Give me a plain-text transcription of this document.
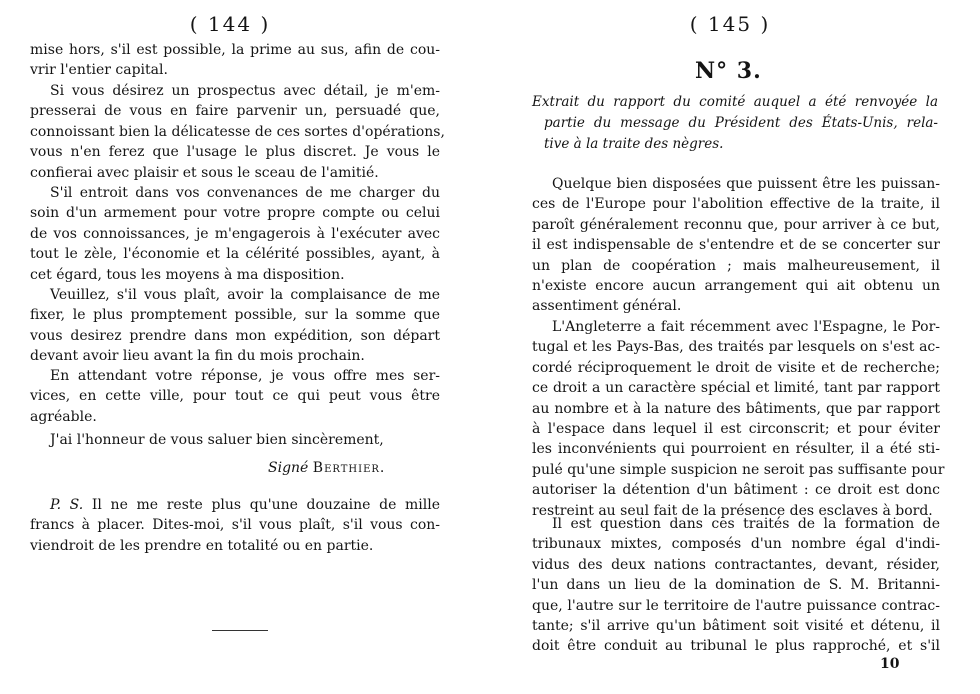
( 144 )

mise hors, s'il est possible, la prime au sus, afin de cou-
vrir l'entier capital.

Si vous désirez un prospectus avec détail, je m'em-
presserai de vous en faire parvenir un, persuadé que,
connoissant bien la délicatesse de ces sortes d'opérations,
vous n'en ferez que l'usage le plus discret. Je vous le
confierai avec plaisir et sous le sceau de l'amitié.

S'il entroit dans vos convenances de me charger du
soin d'un armement pour votre propre compte ou celui
de vos connoissances, je m'engagerois à l'exécuter avec
tout le zèle, l'économie et la célérité possibles, ayant, à
cet égard, tous les moyens à ma disposition.

Veuillez, s'il vous plaît, avoir la complaisance de me
fixer, le plus promptement possible, sur la somme que
vous desirez prendre dans mon expédition, son départ
devant avoir lieu avant la fin du mois prochain.

En attendant votre réponse, je vous offre mes ser-
vices, en cette ville, pour tout ce qui peut vous être
agréable.

J'ai l'honneur de vous saluer bien sincèrement,

Signé Berthier.

P. S. Il ne me reste plus qu'une douzaine de mille
francs à placer. Dites-moi, s'il vous plaît, s'il vous con-
viendroit de les prendre en totalité ou en partie.

( 145 )
N° 3.
Extrait du rapport du comité auquel a été renvoyée la
partie du message du Président des États-Unis, rela-
tive à la traite des nègres.

Quelque bien disposées que puissent être les puissan-
ces de l'Europe pour l'abolition effective de la traite, il
paroît généralement reconnu que, pour arriver à ce but,
il est indispensable de s'entendre et de se concerter sur
un plan de coopération ; mais malheureusement, il
n'existe encore aucun arrangement qui ait obtenu un
assentiment général.

L'Angleterre a fait récemment avec l'Espagne, le Por-
tugal et les Pays-Bas, des traités par lesquels on s'est ac-
cordé réciproquement le droit de visite et de recherche;
ce droit a un caractère spécial et limité, tant par rapport
au nombre et à la nature des bâtiments, que par rapport
à l'espace dans lequel il est circonscrit; et pour éviter
les inconvénients qui pourroient en résulter, il a été sti-
pulé qu'une simple suspicion ne seroit pas suffisante pour
autoriser la détention d'un bâtiment : ce droit est donc
restreint au seul fait de la présence des esclaves à bord.

Il est question dans ces traités de la formation de
tribunaux mixtes, composés d'un nombre égal d'indi-
vidus des deux nations contractantes, devant, résider,
l'un dans un lieu de la domination de S. M. Britanni-
que, l'autre sur le territoire de l'autre puissance contrac-
tante; s'il arrive qu'un bâtiment soit visité et détenu, il
doit être conduit au tribunal le plus rapproché, et s'il

10
